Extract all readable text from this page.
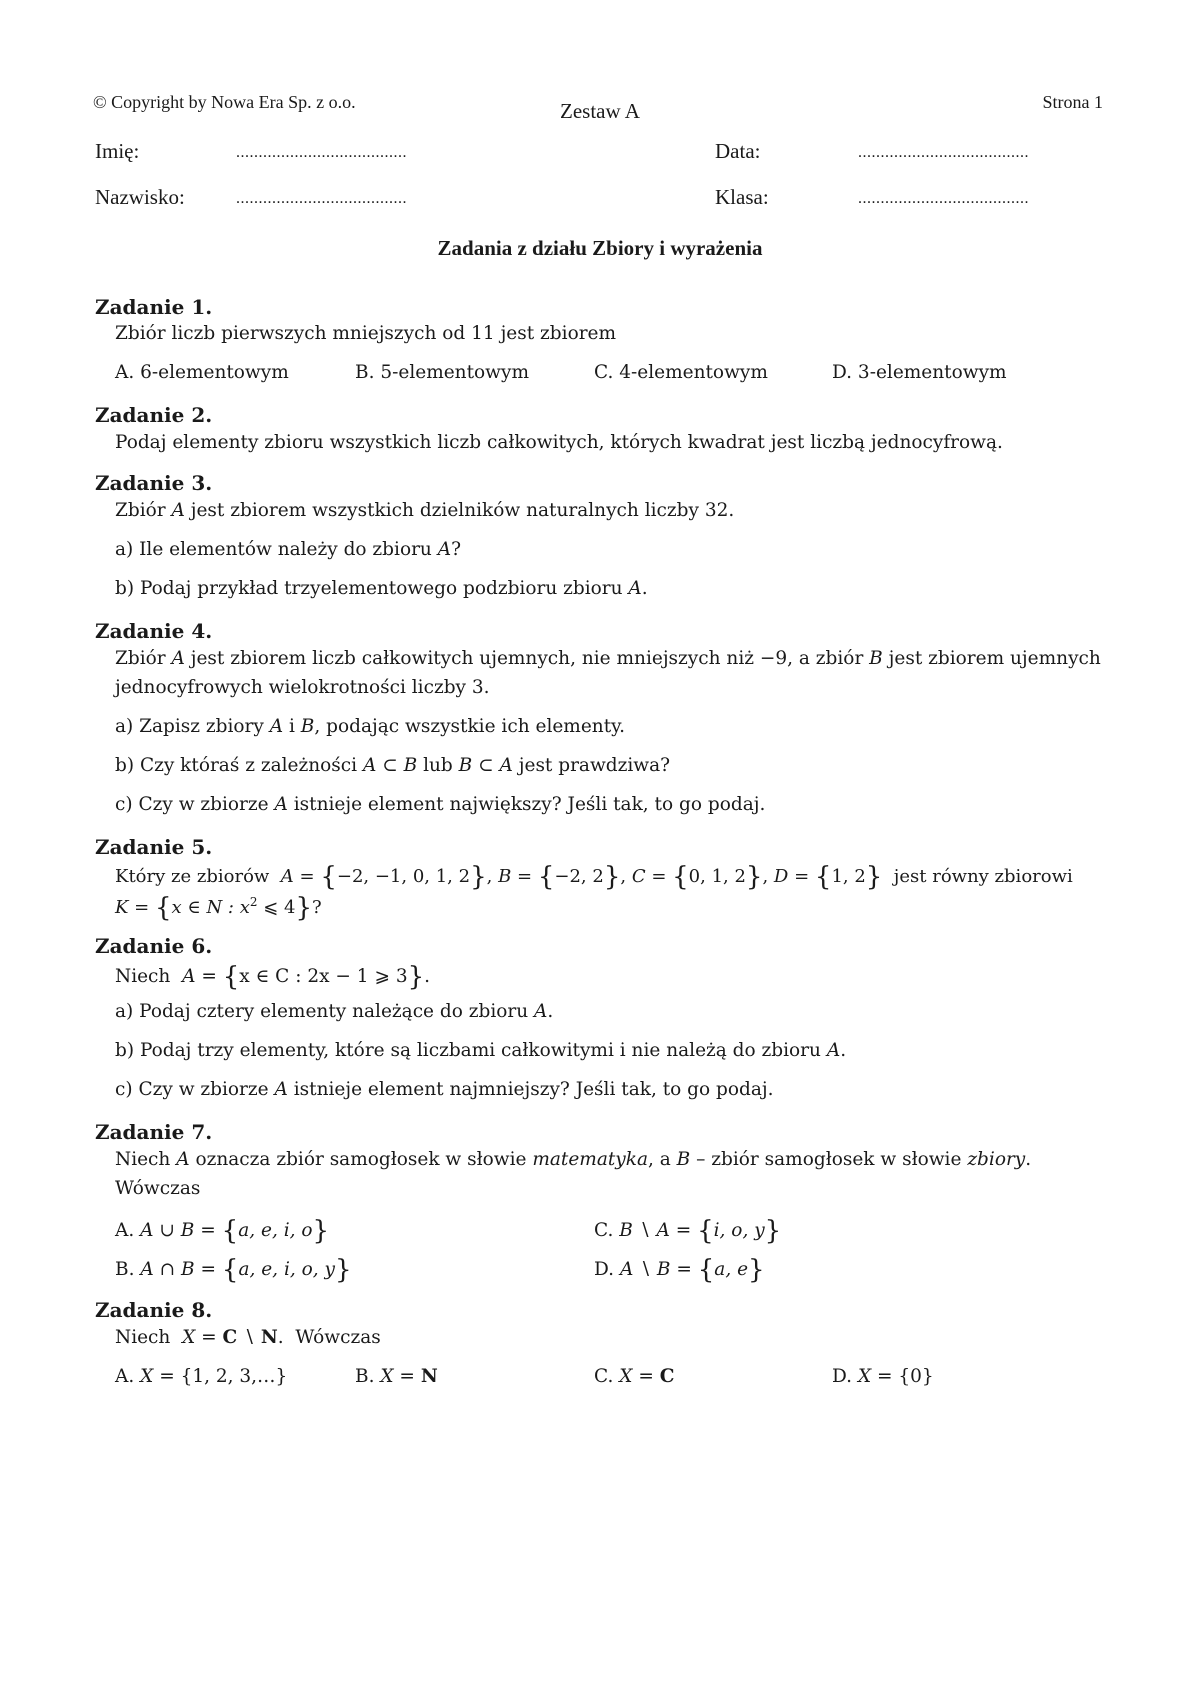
© Copyright by Nowa Era Sp. z o.o.	Zestaw A	Strona 1
Imię:	......................................	Data:	......................................
Nazwisko:	......................................	Klasa:	......................................
Zadania z działu Zbiory i wyrażenia
Zadanie 1.
Zbiór liczb pierwszych mniejszych od 11 jest zbiorem
A. 6-elementowym	B. 5-elementowym	C. 4-elementowym	D. 3-elementowym
Zadanie 2.
Podaj elementy zbioru wszystkich liczb całkowitych, których kwadrat jest liczbą jednocyfrową.
Zadanie 3.
Zbiór A jest zbiorem wszystkich dzielników naturalnych liczby 32.
a) Ile elementów należy do zbioru A?
b) Podaj przykład trzyelementowego podzbioru zbioru A.
Zadanie 4.
Zbiór A jest zbiorem liczb całkowitych ujemnych, nie mniejszych niż −9, a zbiór B jest zbiorem ujemnych
jednocyfrowych wielokrotności liczby 3.
a) Zapisz zbiory A i B, podając wszystkie ich elementy.
b) Czy któraś z zależności A ⊂ B lub B ⊂ A jest prawdziwa?
c) Czy w zbiorze A istnieje element największy? Jeśli tak, to go podaj.
Zadanie 5.
Który ze zbiorów A = {−2, −1, 0, 1, 2}, B = {−2, 2}, C = {0, 1, 2}, D = {1, 2} jest równy zbiorowi
K = {x ∈ N : $x^2$ ⩽ 4}?
Zadanie 6.
Niech A = {x ∈ C : 2x − 1 ⩾ 3}.
a) Podaj cztery elementy należące do zbioru A.
b) Podaj trzy elementy, które są liczbami całkowitymi i nie należą do zbioru A.
c) Czy w zbiorze A istnieje element najmniejszy? Jeśli tak, to go podaj.
Zadanie 7.
Niech A oznacza zbiór samogłosek w słowie matematyka, a B – zbiór samogłosek w słowie zbiory.
Wówczas
A. A ∪ B = {a, e, i, o}	C. B ∖ A = {i, o, y}
B. A ∩ B = {a, e, i, o, y}	D. A ∖ B = {a, e}
Zadanie 8.
Niech X = C ∖ N.  Wówczas
A. X = {1, 2, 3,…}	B. X = N	C. X = C	D. X = {0}
